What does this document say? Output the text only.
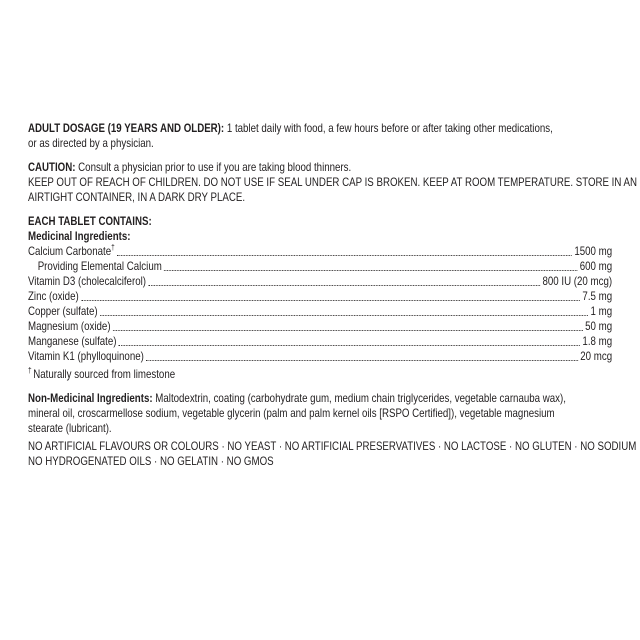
ADULT DOSAGE (19 YEARS AND OLDER): 1 tablet daily with food, a few hours before or after taking other medications,
or as directed by a physician.
CAUTION: Consult a physician prior to use if you are taking blood thinners.
KEEP OUT OF REACH OF CHILDREN. DO NOT USE IF SEAL UNDER CAP IS BROKEN. KEEP AT ROOM TEMPERATURE. STORE IN AN
AIRTIGHT CONTAINER, IN A DARK DRY PLACE.
EACH TABLET CONTAINS:
Medicinal Ingredients:
Calcium Carbonate†	1500 mg
Providing Elemental Calcium	600 mg
Vitamin D3 (cholecalciferol)	800 IU (20 mcg)
Zinc (oxide)	7.5 mg
Copper (sulfate)	1 mg
Magnesium (oxide)	50 mg
Manganese (sulfate)	1.8 mg
Vitamin K1 (phylloquinone)	20 mcg
† Naturally sourced from limestone
Non-Medicinal Ingredients: Maltodextrin, coating (carbohydrate gum, medium chain triglycerides, vegetable carnauba wax),
mineral oil, croscarmellose sodium, vegetable glycerin (palm and palm kernel oils [RSPO Certified]), vegetable magnesium
stearate (lubricant).
NO ARTIFICIAL FLAVOURS OR COLOURS · NO YEAST · NO ARTIFICIAL PRESERVATIVES · NO LACTOSE · NO GLUTEN · NO SODIUM
NO HYDROGENATED OILS · NO GELATIN · NO GMOS
